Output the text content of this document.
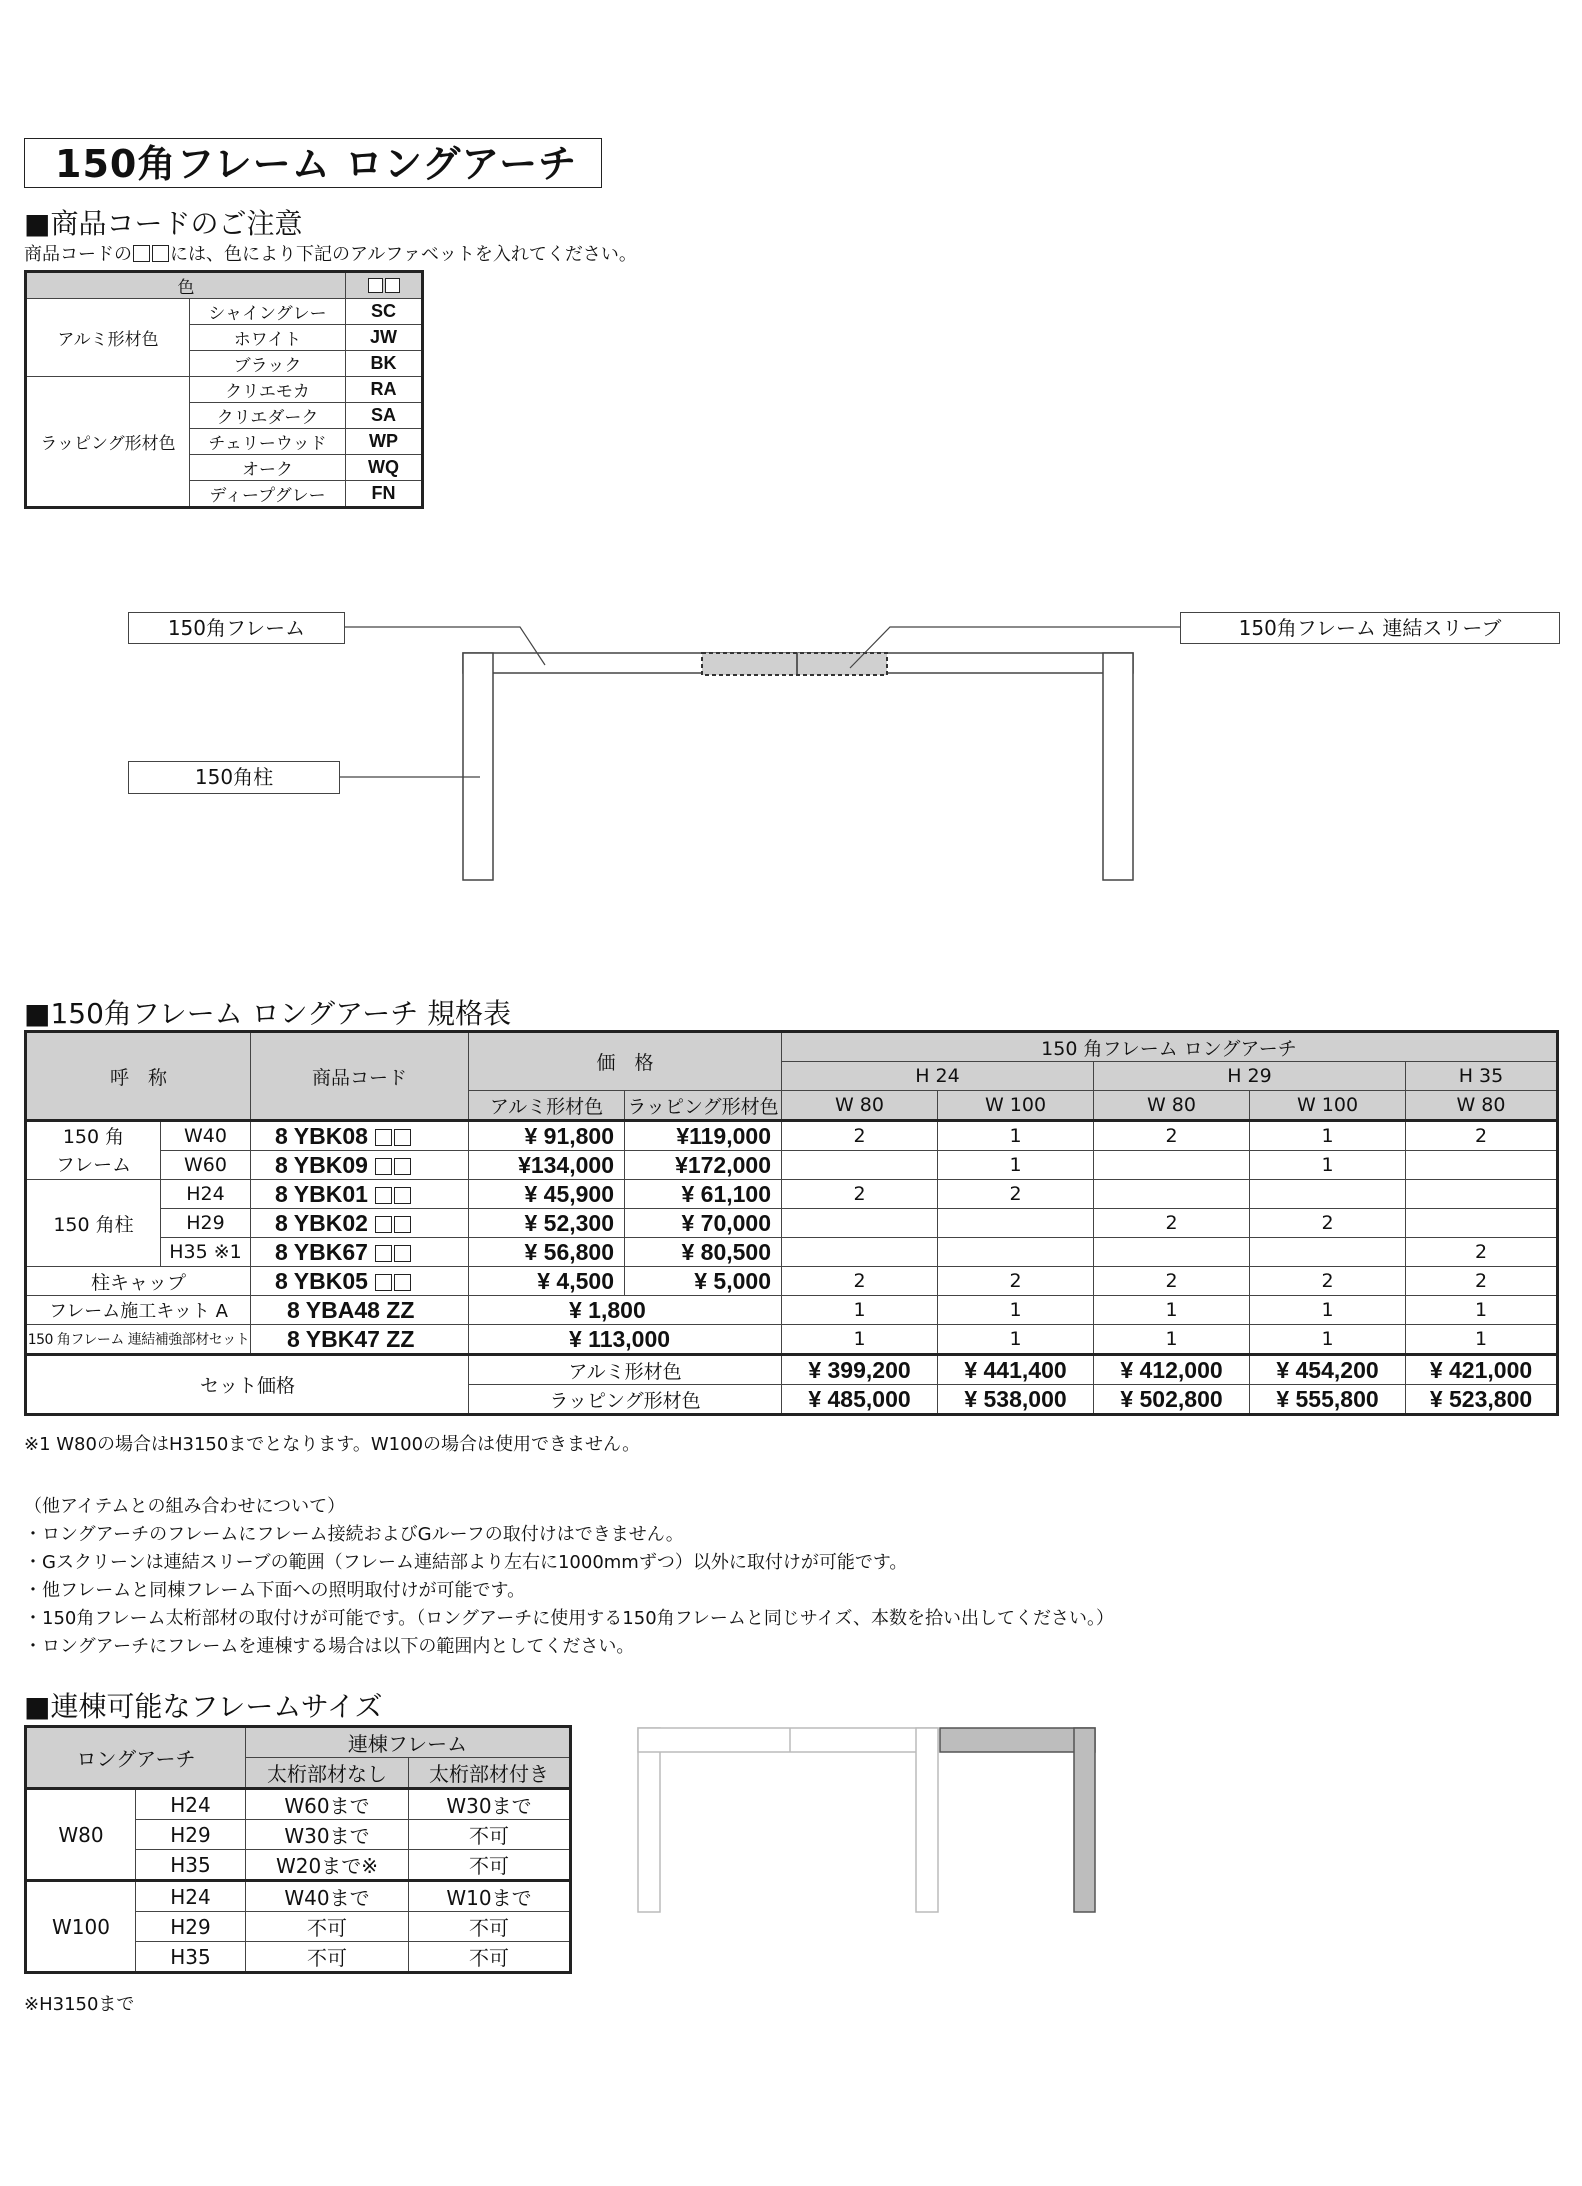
150角フレーム ロングアーチ
■商品コードのご注意
商品コードの には、色により下記のアルファベットを入れてください。
色		
アルミ形材色	シャイングレー	SC
	ホワイト	JW
	ブラック	BK
ラッピング形材色	クリエモカ	RA
	クリエダーク	SA
	チェリーウッド	WP
	オーク	WQ
	ディープグレー	FN
150角フレーム	150角フレーム 連結スリーブ
150角柱
■150角フレーム ロングアーチ 規格表
呼　称		商品コード	価　格		150 角フレーム ロングアーチ				
					H 24		H 29		H 35
			アルミ形材色	ラッピング形材色	W 80	W 100	W 80	W 100	W 80

150 角
フレーム	W40	8 YBK08	¥ 91,800	¥119,000	2	1	2	1	2
	W60	8 YBK09	¥134,000	¥172,000		1		1	
150 角柱	H24	8 YBK01	¥ 45,900	¥ 61,100	2	2			
	H29	8 YBK02	¥ 52,300	¥ 70,000			2	2	
	H35 ※1	8 YBK67	¥ 56,800	¥ 80,500					2
柱キャップ		8 YBK05	¥ 4,500	¥ 5,000	2	2	2	2	2
フレーム施工キット A		8 YBA48 ZZ	¥ 1,800		1	1	1	1	1
150 角フレーム 連結補強部材セット		8 YBK47 ZZ	¥ 113,000		1	1	1	1	1
セット価格			アルミ形材色		¥ 399,200	¥ 441,400	¥ 412,000	¥ 454,200	¥ 421,000
			ラッピング形材色		¥ 485,000	¥ 538,000	¥ 502,800	¥ 555,800	¥ 523,800
※1 W80の場合はH3150までとなります。W100の場合は使用できません。
（他アイテムとの組み合わせについて）
・ロングアーチのフレームにフレーム接続およびGルーフの取付けはできません。
・Gスクリーンは連結スリーブの範囲（フレーム連結部より左右に1000mmずつ）以外に取付けが可能です。
・他フレームと同棟フレーム下面への照明取付けが可能です。
・150角フレーム太桁部材の取付けが可能です。（ロングアーチに使用する150角フレームと同じサイズ、本数を拾い出してください。）
・ロングアーチにフレームを連棟する場合は以下の範囲内としてください。
■連棟可能なフレームサイズ
ロングアーチ		連棟フレーム	
		太桁部材なし	太桁部材付き
W80	H24	W60まで	W30まで
	H29	W30まで	不可
	H35	W20まで※	不可
W100	H24	W40まで	W10まで
	H29	不可	不可
	H35	不可	不可
※H3150まで
